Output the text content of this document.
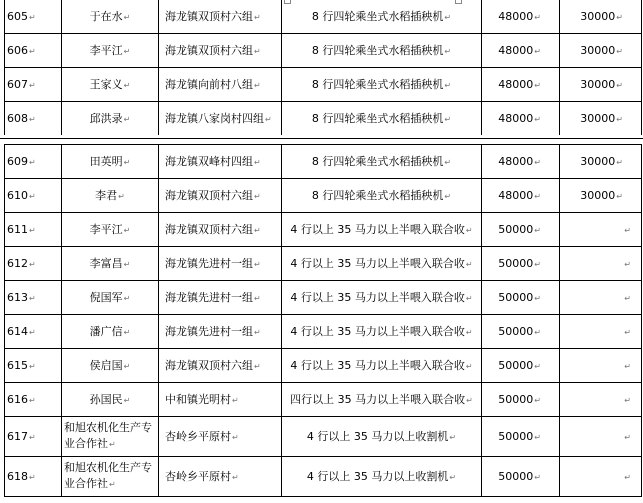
605↵	于在水↵	海龙镇双顶村六组↵	8 行四轮乘坐式水稻插秧机↵	48000↵	30000↵
606↵	李平江↵	海龙镇双顶村六组↵	8 行四轮乘坐式水稻插秧机↵	48000↵	30000↵
607↵	王家义↵	海龙镇向前村八组↵	8 行四轮乘坐式水稻插秧机↵	48000↵	30000↵
608↵	邱洪录↵	海龙镇八家岗村四组↵	8 行四轮乘坐式水稻插秧机↵	48000↵	30000↵
609↵	田英明↵	海龙镇双峰村四组↵	8 行四轮乘坐式水稻插秧机↵	48000↵	30000↵
610↵	李君↵	海龙镇双顶村六组↵	8 行四轮乘坐式水稻插秧机↵	48000↵	30000↵
611↵	李平江↵	海龙镇双顶村六组↵	4 行以上 35 马力以上半喂入联合收↵	50000↵	↵
612↵	李富昌↵	海龙镇先进村一组↵	4 行以上 35 马力以上半喂入联合收↵	50000↵	↵
613↵	倪国军↵	海龙镇先进村一组↵	4 行以上 35 马力以上半喂入联合收↵	50000↵	↵
614↵	潘广信↵	海龙镇先进村一组↵	4 行以上 35 马力以上半喂入联合收↵	50000↵	↵
615↵	侯启国↵	海龙镇双顶村六组↵	4 行以上 35 马力以上半喂入联合收↵	50000↵	↵
616↵	孙国民↵	中和镇光明村↵	四行以上 35 马力以上半喂入联合收↵	50000↵	↵
617↵	和旭农机化生产专业合作社↵	杏岭乡平原村↵	4 行以上 35 马力以上收割机↵	50000↵	↵
618↵	和旭农机化生产专业合作社↵	杏岭乡平原村↵	4 行以上 35 马力以上收割机↵	50000↵	↵
